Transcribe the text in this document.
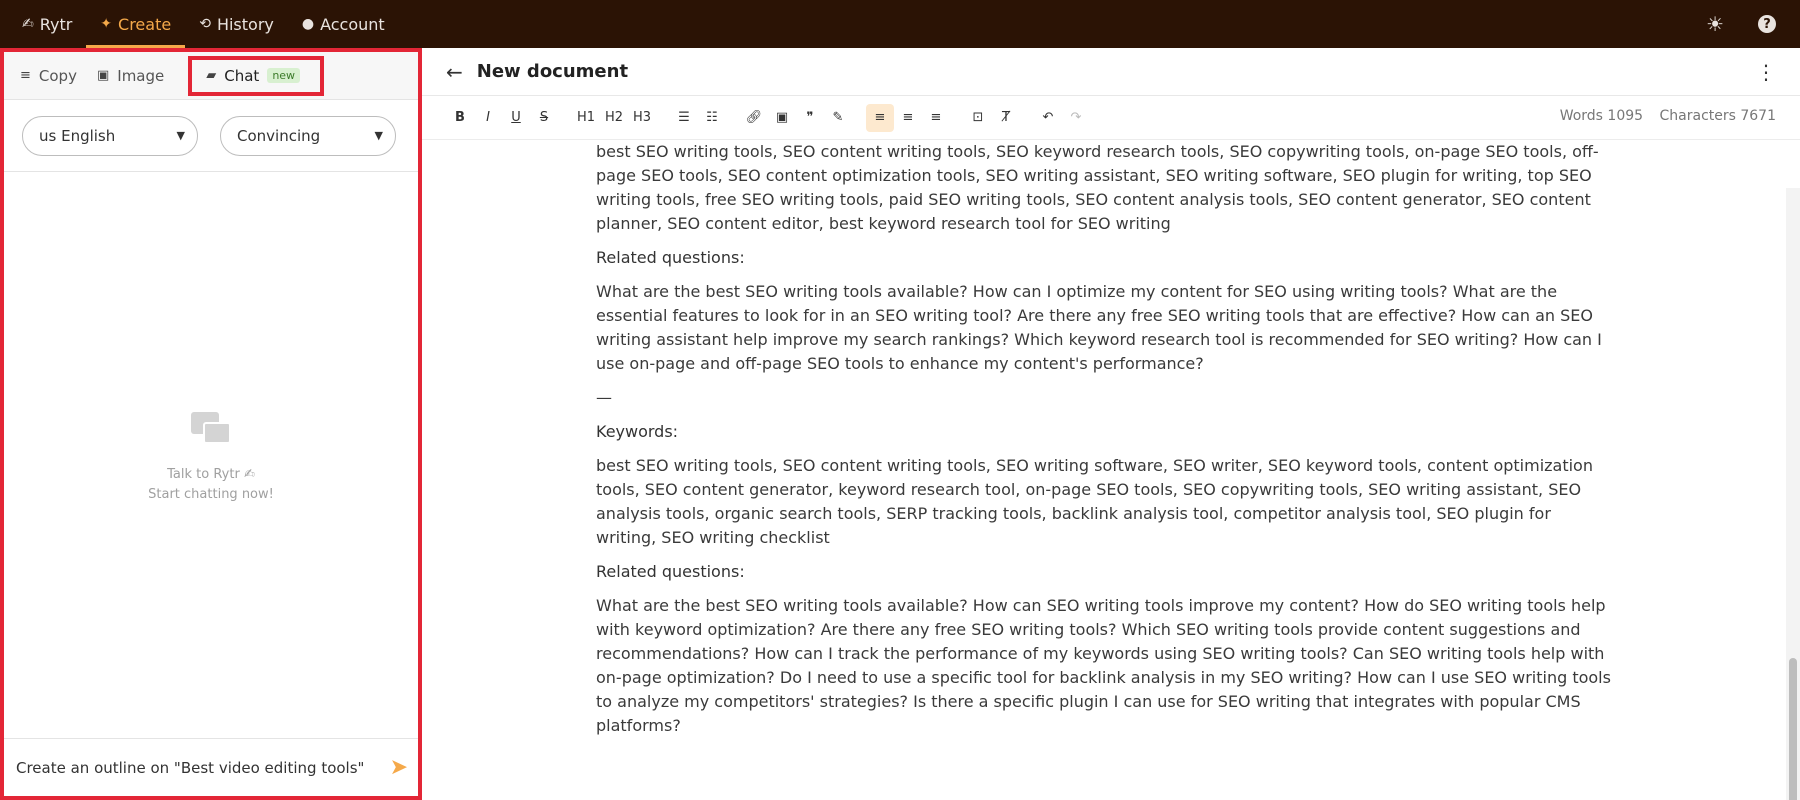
✍ Rytr ✦ Create ⟲ History ● Account	☀	?
≡ Copy ▣ Image	▰ Chat	new
us English	▼	Convincing	▼
Talk to Rytr ✍
Start chatting now!
Create an outline on "Best video editing tools"
➤
← New document	⋮
B I U S	H1 H2 H3	☰	☷	🔗︎	▣	❞	✎	≡	≡	≡	⊡	Ⱦ	↶	↷	Words 1095 Characters 7671

best SEO writing tools, SEO content writing tools, SEO keyword research tools, SEO copywriting tools, on-page SEO tools, off-page SEO tools, SEO content optimization tools, SEO writing assistant, SEO writing software, SEO plugin for writing, top SEO writing tools, free SEO writing tools, paid SEO writing tools, SEO content analysis tools, SEO content generator, SEO content planner, SEO content editor, best keyword research tool for SEO writing

Related questions:

What are the best SEO writing tools available? How can I optimize my content for SEO using writing tools? What are the essential features to look for in an SEO writing tool? Are there any free SEO writing tools that are effective? How can an SEO writing assistant help improve my search rankings? Which keyword research tool is recommended for SEO writing? How can I use on-page and off-page SEO tools to enhance my content's performance?

—

Keywords:

best SEO writing tools, SEO content writing tools, SEO writing software, SEO writer, SEO keyword tools, content optimization tools, SEO content generator, keyword research tool, on-page SEO tools, SEO copywriting tools, SEO writing assistant, SEO analysis tools, organic search tools, SERP tracking tools, backlink analysis tool, competitor analysis tool, SEO plugin for writing, SEO writing checklist

Related questions:

What are the best SEO writing tools available? How can SEO writing tools improve my content? How do SEO writing tools help with keyword optimization? Are there any free SEO writing tools? Which SEO writing tools provide content suggestions and recommendations? How can I track the performance of my keywords using SEO writing tools? Can SEO writing tools help with on-page optimization? Do I need to use a specific tool for backlink analysis in my SEO writing? How can I use SEO writing tools to analyze my competitors' strategies? Is there a specific plugin I can use for SEO writing that integrates with popular CMS platforms?
